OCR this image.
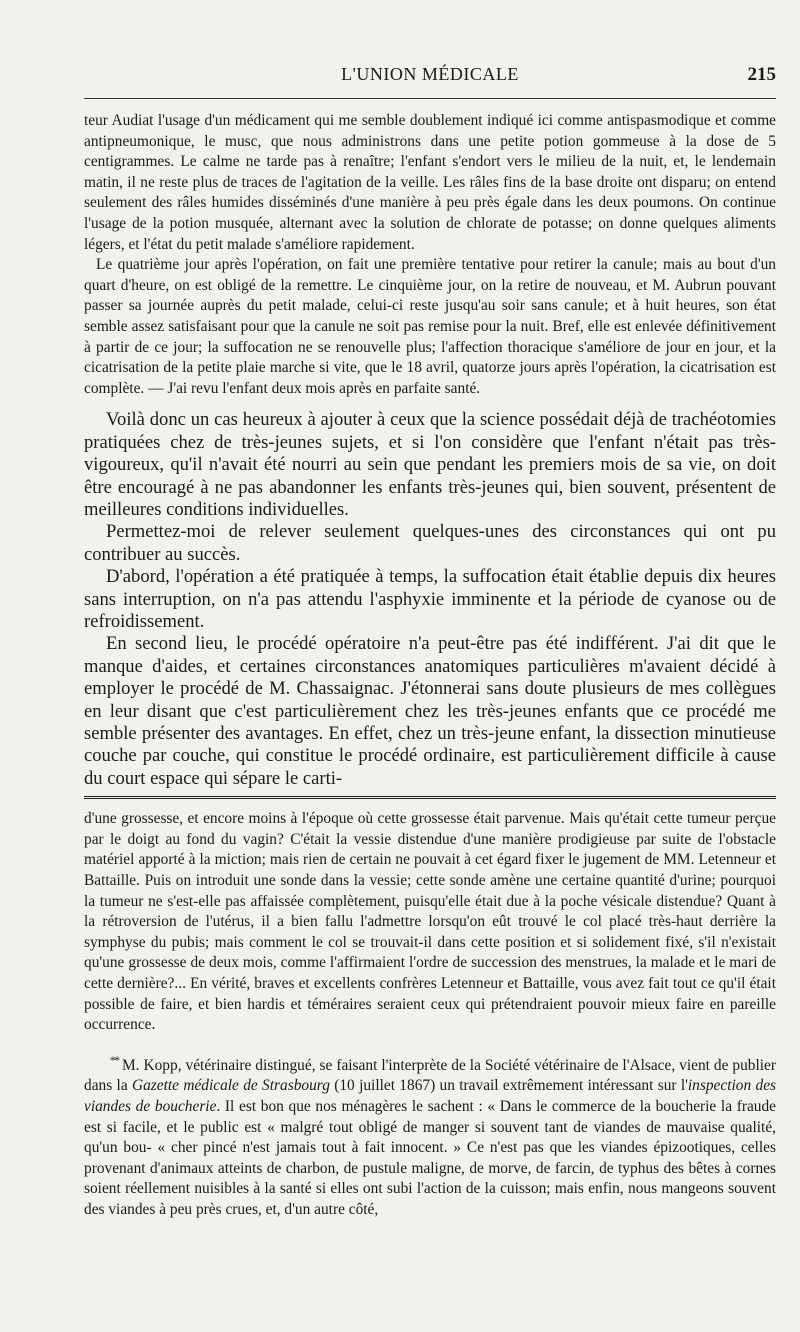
L'UNION MÉDICALE	215

teur Audiat l'usage d'un médicament qui me semble doublement indiqué ici comme antispasmodique et comme antipneumonique, le musc, que nous administrons dans une petite potion gommeuse à la dose de 5 centigrammes. Le calme ne tarde pas à renaître; l'enfant s'endort vers le milieu de la nuit, et, le lendemain matin, il ne reste plus de traces de l'agitation de la veille. Les râles fins de la base droite ont disparu; on entend seulement des râles humides disséminés d'une manière à peu près égale dans les deux poumons. On continue l'usage de la potion musquée, alternant avec la solution de chlorate de potasse; on donne quelques aliments légers, et l'état du petit malade s'améliore rapidement.

Le quatrième jour après l'opération, on fait une première tentative pour retirer la canule; mais au bout d'un quart d'heure, on est obligé de la remettre. Le cinquième jour, on la retire de nouveau, et M. Aubrun pouvant passer sa journée auprès du petit malade, celui-ci reste jusqu'au soir sans canule; et à huit heures, son état semble assez satisfaisant pour que la canule ne soit pas remise pour la nuit. Bref, elle est enlevée définitivement à partir de ce jour; la suffocation ne se renouvelle plus; l'affection thoracique s'améliore de jour en jour, et la cicatrisation de la petite plaie marche si vite, que le 18 avril, quatorze jours après l'opération, la cicatrisation est complète. — J'ai revu l'enfant deux mois après en parfaite santé.

Voilà donc un cas heureux à ajouter à ceux que la science possédait déjà de trachéotomies pratiquées chez de très-jeunes sujets, et si l'on considère que l'enfant n'était pas très-vigoureux, qu'il n'avait été nourri au sein que pendant les premiers mois de sa vie, on doit être encouragé à ne pas abandonner les enfants très-jeunes qui, bien souvent, présentent de meilleures conditions individuelles.

Permettez-moi de relever seulement quelques-unes des circonstances qui ont pu contribuer au succès.

D'abord, l'opération a été pratiquée à temps, la suffocation était établie depuis dix heures sans interruption, on n'a pas attendu l'asphyxie imminente et la période de cyanose ou de refroidissement.

En second lieu, le procédé opératoire n'a peut-être pas été indifférent. J'ai dit que le manque d'aides, et certaines circonstances anatomiques particulières m'avaient décidé à employer le procédé de M. Chassaignac. J'étonnerai sans doute plusieurs de mes collègues en leur disant que c'est particulièrement chez les très-jeunes enfants que ce procédé me semble présenter des avantages. En effet, chez un très-jeune enfant, la dissection minutieuse couche par couche, qui constitue le procédé ordinaire, est particulièrement difficile à cause du court espace qui sépare le carti-

d'une grossesse, et encore moins à l'époque où cette grossesse était parvenue. Mais qu'était cette tumeur perçue par le doigt au fond du vagin? C'était la vessie distendue d'une manière prodigieuse par suite de l'obstacle matériel apporté à la miction; mais rien de certain ne pouvait à cet égard fixer le jugement de MM. Letenneur et Battaille. Puis on introduit une sonde dans la vessie; cette sonde amène une certaine quantité d'urine; pourquoi la tumeur ne s'est-elle pas affaissée complètement, puisqu'elle était due à la poche vésicale distendue? Quant à la rétroversion de l'utérus, il a bien fallu l'admettre lorsqu'on eût trouvé le col placé très-haut derrière la symphyse du pubis; mais comment le col se trouvait-il dans cette position et si solidement fixé, s'il n'existait qu'une grossesse de deux mois, comme l'affirmaient l'ordre de succession des menstrues, la malade et le mari de cette dernière?... En vérité, braves et excellents confrères Letenneur et Battaille, vous avez fait tout ce qu'il était possible de faire, et bien hardis et téméraires seraient ceux qui prétendraient pouvoir mieux faire en pareille occurrence.

** M. Kopp, vétérinaire distingué, se faisant l'interprète de la Société vétérinaire de l'Alsace, vient de publier dans la Gazette médicale de Strasbourg (10 juillet 1867) un travail extrêmement intéressant sur l'inspection des viandes de boucherie. Il est bon que nos ménagères le sachent : « Dans le commerce de la boucherie la fraude est si facile, et le public est « malgré tout obligé de manger si souvent tant de viandes de mauvaise qualité, qu'un bou- « cher pincé n'est jamais tout à fait innocent. » Ce n'est pas que les viandes épizootiques, celles provenant d'animaux atteints de charbon, de pustule maligne, de morve, de farcin, de typhus des bêtes à cornes soient réellement nuisibles à la santé si elles ont subi l'action de la cuisson; mais enfin, nous mangeons souvent des viandes à peu près crues, et, d'un autre côté,
